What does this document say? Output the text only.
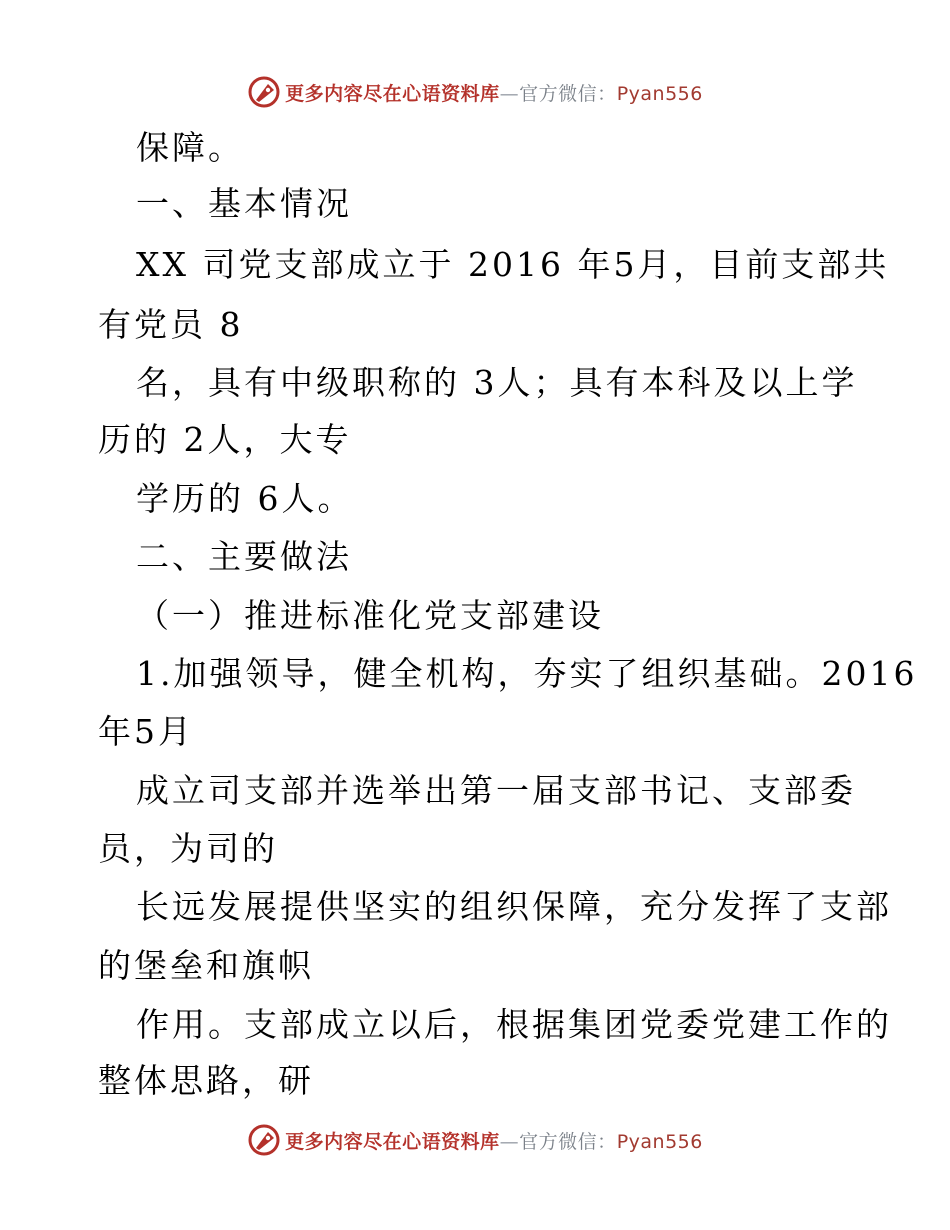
更多内容尽在心语资料库—官方微信：Pyan556

保障。

一、基本情况

XX 司党支部成立于 2016 年5月，目前支部共

有党员 8

名，具有中级职称的 3人；具有本科及以上学

历的 2人，大专

学历的 6人。

二、主要做法

（一）推进标准化党支部建设

1.加强领导，健全机构，夯实了组织基础。2016

年5月

成立司支部并选举出第一届支部书记、支部委

员，为司的

长远发展提供坚实的组织保障，充分发挥了支部

的堡垒和旗帜

作用。支部成立以后，根据集团党委党建工作的

整体思路，研

更多内容尽在心语资料库—官方微信：Pyan556
